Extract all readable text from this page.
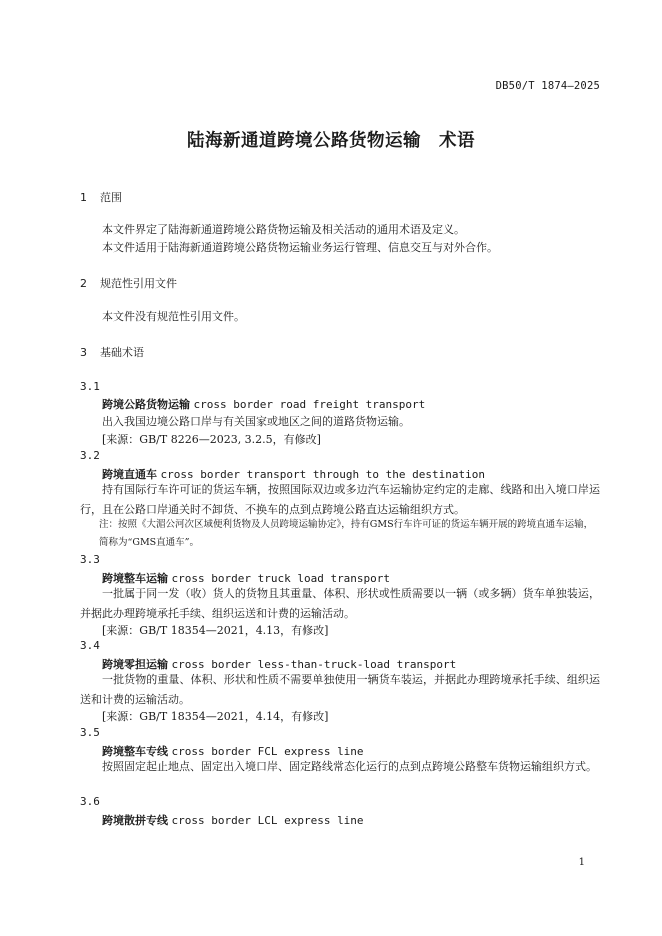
DB50/T 1874—2025
陆海新通道跨境公路货物运输　术语
1 范围
本文件界定了陆海新通道跨境公路货物运输及相关活动的通用术语及定义。
本文件适用于陆海新通道跨境公路货物运输业务运行管理、信息交互与对外合作。
2 规范性引用文件
本文件没有规范性引用文件。
3 基础术语
3.1
跨境公路货物运输 cross border road freight transport
出入我国边境公路口岸与有关国家或地区之间的道路货物运输。
[来源：GB/T 8226—2023, 3.2.5，有修改]
3.2
跨境直通车 cross border transport through to the destination
持有国际行车许可证的货运车辆，按照国际双边或多边汽车运输协定约定的走廊、线路和出入境口岸运行，且在公路口岸通关时不卸货、不换车的点到点跨境公路直达运输组织方式。
注：按照《大湄公河次区域便利货物及人员跨境运输协定》，持有GMS行车许可证的货运车辆开展的跨境直通车运输，简称为“GMS直通车”。
3.3
跨境整车运输 cross border truck load transport
一批属于同一发（收）货人的货物且其重量、体积、形状或性质需要以一辆（或多辆）货车单独装运，并据此办理跨境承托手续、组织运送和计费的运输活动。
[来源：GB/T 18354—2021，4.13，有修改]
3.4
跨境零担运输 cross border less-than-truck-load transport
一批货物的重量、体积、形状和性质不需要单独使用一辆货车装运，并据此办理跨境承托手续、组织运送和计费的运输活动。
[来源：GB/T 18354—2021，4.14，有修改]
3.5
跨境整车专线 cross border FCL express line
按照固定起止地点、固定出入境口岸、固定路线常态化运行的点到点跨境公路整车货物运输组织方式。
3.6
跨境散拼专线 cross border LCL express line
1
